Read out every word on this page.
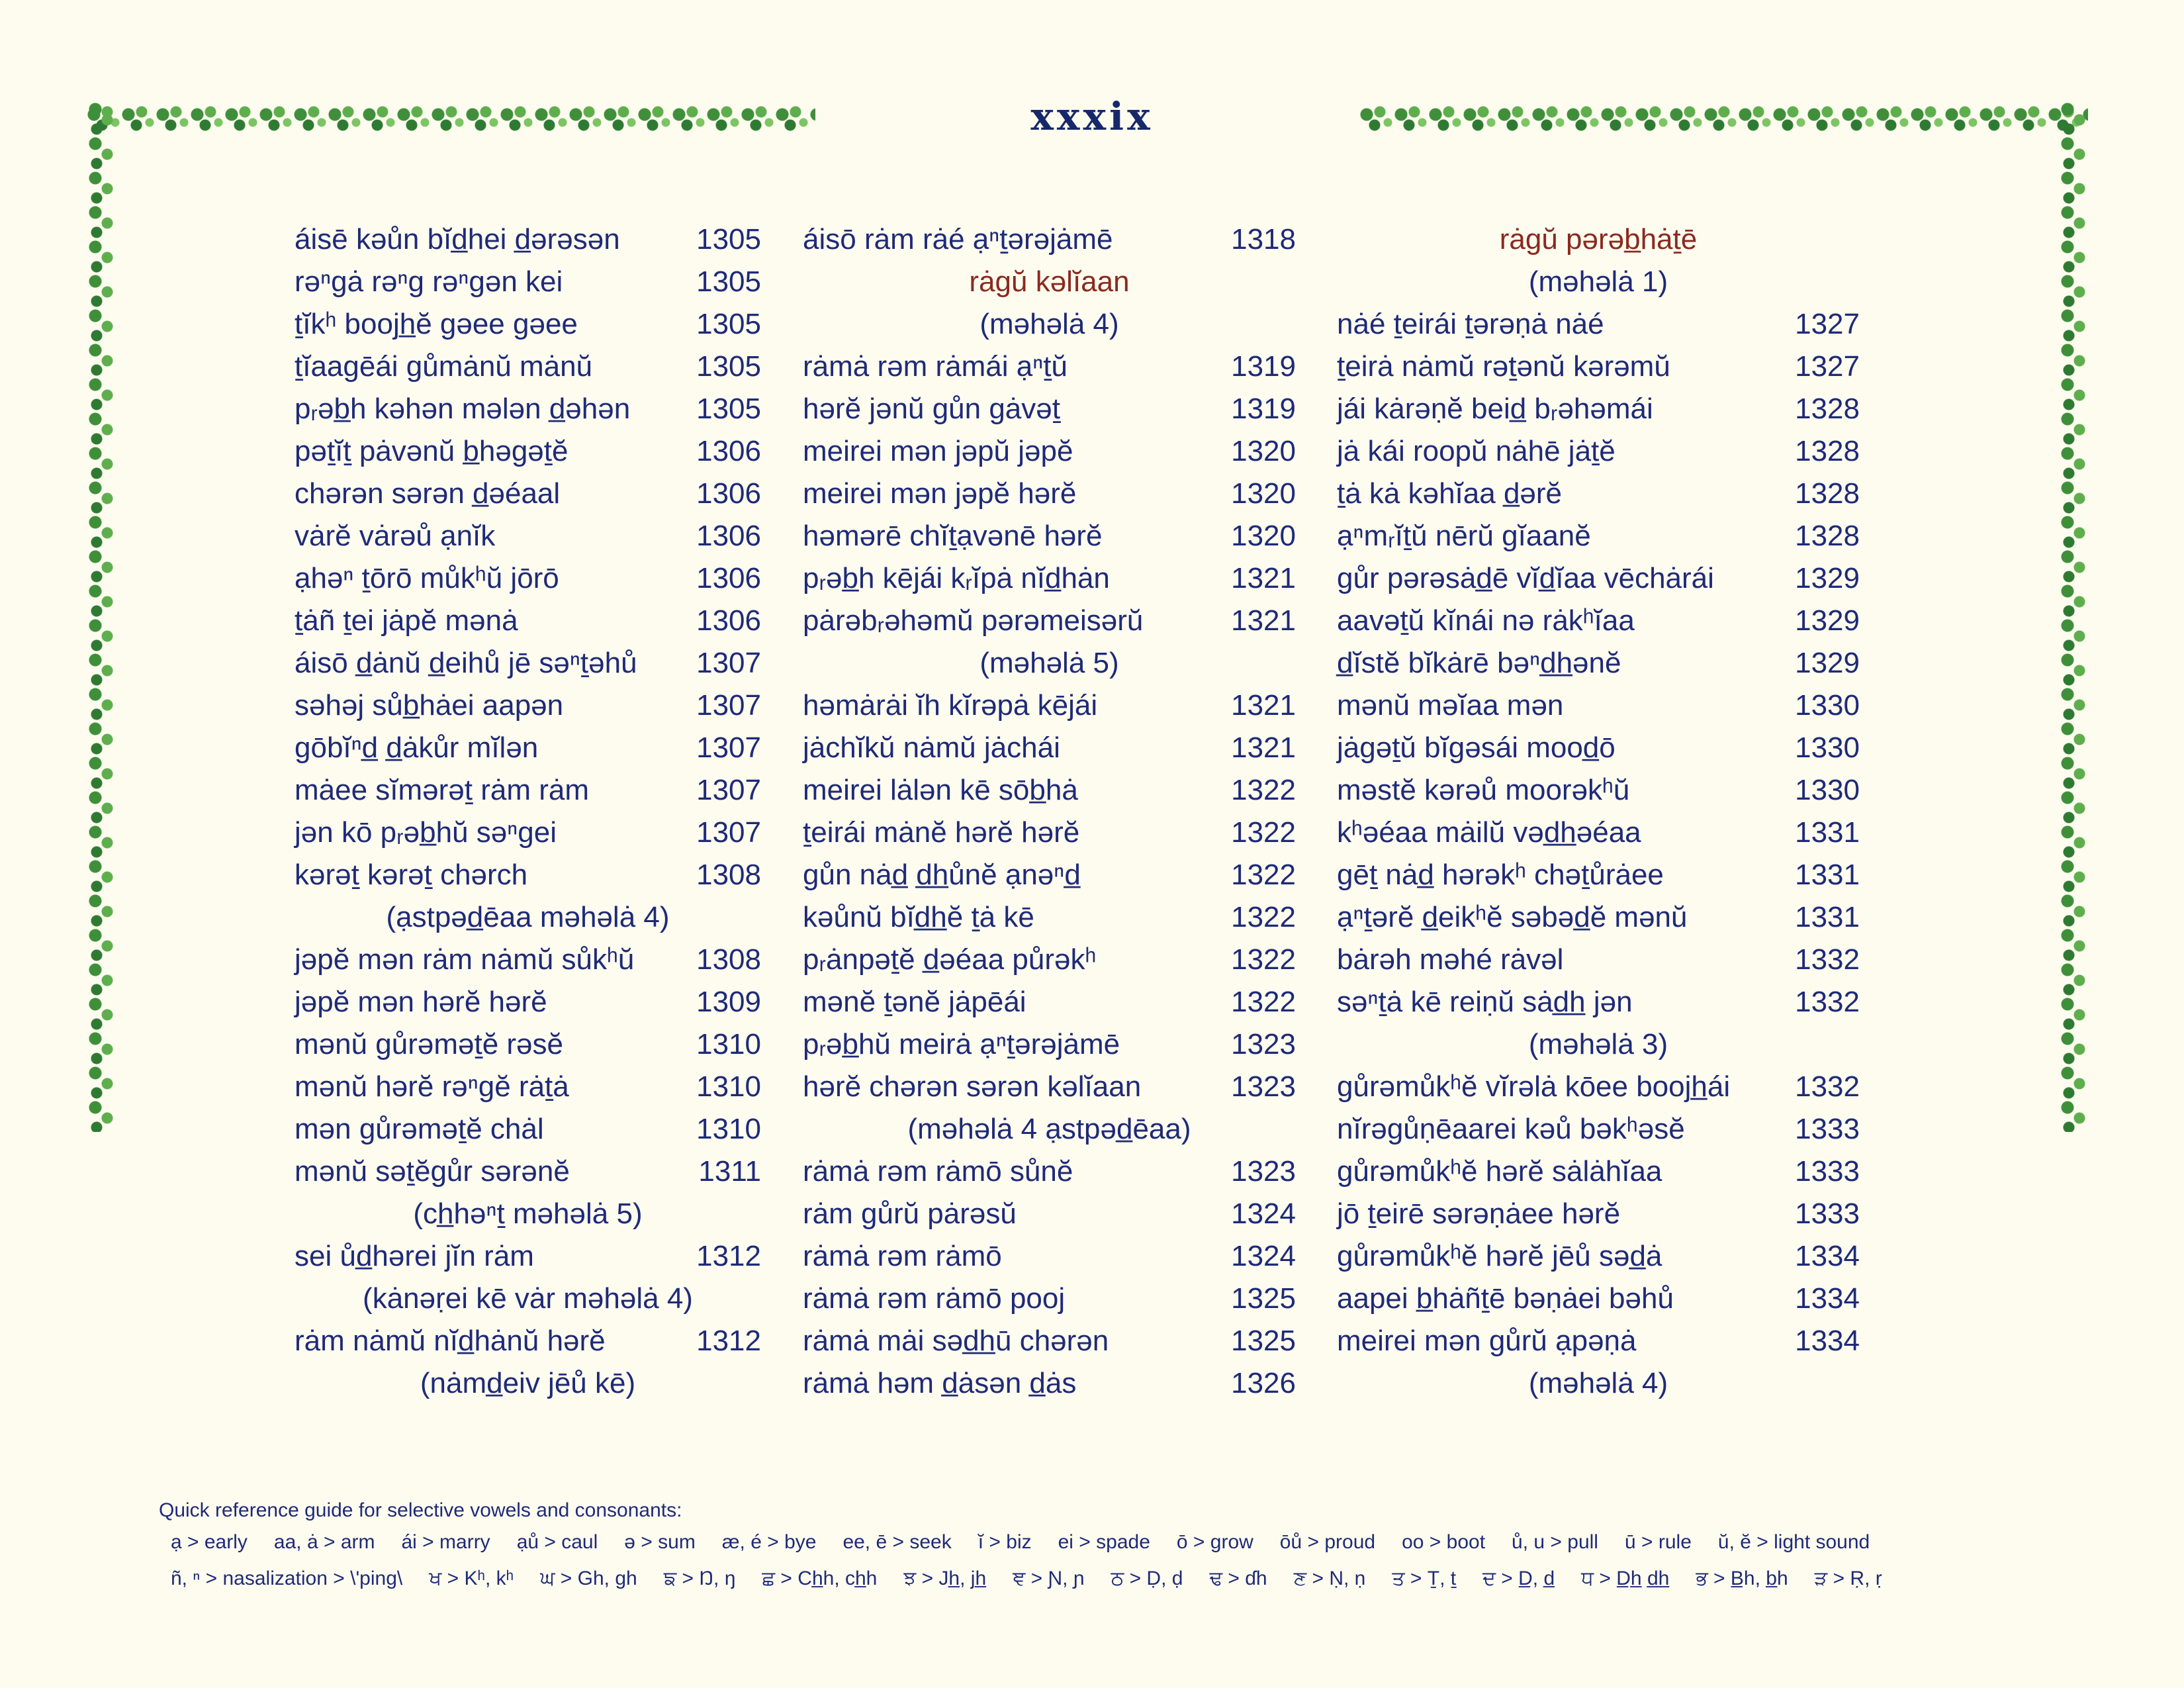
xxxix
áisē kəůn bĭd̲hei d̲ərəsən	1305
rəⁿgȧ rəⁿg rəⁿgən kei	1305
ṯĭkʰ boojh̲ĕ gəee gəee	1305
ṯĭaagēái gůmȧnŭ mȧnŭ	1305
pᵣəb̲h kəhən mələn d̲əhən	1305
pəṯĭṯ pȧvənŭ b̲həgəṯĕ	1306
chərən sərən d̲əéaal	1306
vȧrĕ vȧrəů ạnĭk	1306
ạhəⁿ ṯōrō můkʰŭ jōrō	1306
ṯȧñ ṯei jȧpĕ mənȧ	1306
áisō d̲ȧnŭ d̲eihů jē səⁿṯəhů	1307
səhəj sůb̲hȧei aapən	1307
gōbĭⁿd̲ d̲ȧkůr mĭlən	1307
mȧee sĭmərəṯ rȧm rȧm	1307
jən kō pᵣəb̲hŭ səⁿgei	1307
kərəṯ kərəṯ chərch	1308
(ạstpəd̲ēaa məhəlȧ 4)
jəpĕ mən rȧm nȧmŭ sůkʰŭ	1308
jəpĕ mən hərĕ hərĕ	1309
mənŭ gůrəməṯĕ rəsĕ	1310
mənŭ hərĕ rəⁿgĕ rȧṯȧ	1310
mən gůrəməṯĕ chȧl	1310
mənŭ səṯĕgůr sərənĕ	1311
(ch̲həⁿṯ məhəlȧ 5)
sei ůd̲hərei jĭn rȧm	1312
(kȧnəṛei kē vȧr məhəlȧ 4)
rȧm nȧmŭ nĭd̲hȧnŭ hərĕ	1312
(nȧmd̲eiv jēů kē)
áisō rȧm rȧé ạⁿṯərəjȧmē	1318
rȧgŭ kəlĭaan
(məhəlȧ 4)
rȧmȧ rəm rȧmái ạⁿṯŭ	1319
hərĕ jənŭ gůn gȧvəṯ	1319
meirei mən jəpŭ jəpĕ	1320
meirei mən jəpĕ hərĕ	1320
həmərē chĭṯạvənē hərĕ	1320
pᵣəb̲h kējái kᵣĭpȧ nĭd̲hȧn	1321
pȧrəbᵣəhəmŭ pərəmeisərŭ	1321
(məhəlȧ 5)
həmȧrȧi ĭh kĭrəpȧ kējái	1321
jȧchĭkŭ nȧmŭ jȧchái	1321
meirei lȧlən kē sōb̲hȧ	1322
ṯeirái mȧnĕ hərĕ hərĕ	1322
gůn nȧd̲ d̲h̲ůnĕ ạnəⁿd̲	1322
kəůnŭ bĭd̲h̲ĕ ṯȧ kē	1322
pᵣȧnpəṯĕ d̲əéaa půrəkʰ	1322
mənĕ ṯənĕ jȧpēái	1322
pᵣəb̲hŭ meirȧ ạⁿṯərəjȧmē	1323
hərĕ chərən sərən kəlĭaan	1323
(məhəlȧ 4 ạstpəd̲ēaa)
rȧmȧ rəm rȧmō sůnĕ	1323
rȧm gůrŭ pȧrəsŭ	1324
rȧmȧ rəm rȧmō	1324
rȧmȧ rəm rȧmō pooj	1325
rȧmȧ mȧi səd̲h̲ū chərən	1325
rȧmȧ həm d̲ȧsən d̲ȧs	1326
rȧgŭ pərəb̲hȧṯē
(məhəlȧ 1)
nȧé ṯeirái ṯərəṇȧ nȧé	1327
ṯeirȧ nȧmŭ rəṯənŭ kərəmŭ	1327
jái kȧrəṇĕ beid̲ bᵣəhəmái	1328
jȧ kái roopŭ nȧhē jȧṯĕ	1328
ṯȧ kȧ kəhĭaa d̲ərĕ	1328
ạⁿmᵣĭṯŭ nērŭ gĭaanĕ	1328
gůr pərəsȧd̲ē vĭd̲ĭaa vēchȧrái	1329
aavəṯŭ kĭnái nə rȧkʰĭaa	1329
d̲ĭstĕ bĭkȧrē bəⁿd̲h̲ənĕ	1329
mənŭ məĭaa mən	1330
jȧgəṯŭ bĭgəsái mood̲ō	1330
məstĕ kərəů moorəkʰŭ	1330
kʰəéaa mȧilŭ vəd̲h̲əéaa	1331
gēṯ nȧd̲ hərəkʰ chəṯůrȧee	1331
ạⁿṯərĕ d̲eikʰĕ səbəd̲ĕ mənŭ	1331
bȧrəh məhé rȧvəl	1332
səⁿṯȧ kē reiṇŭ sȧd̲h̲ jən	1332
(məhəlȧ 3)
gůrəmůkʰĕ vĭrəlȧ kōee boojh̲ái	1332
nĭrəgůṇēaarei kəů bəkʰəsĕ	1333
gůrəmůkʰĕ hərĕ sȧlȧhĭaa	1333
jō ṯeirē sərəṇȧee hərĕ	1333
gůrəmůkʰĕ hərĕ jēů səd̲ȧ	1334
aapei b̲hȧñṯē bəṇȧei bəhů	1334
meirei mən gůrŭ ạpəṇȧ	1334
(məhəlȧ 4)
Quick reference guide for selective vowels and consonants:
ạ > early aa, ȧ > arm ái > marry ạů > caul ə > sum æ, é > bye ee, ē > seek ĭ > biz ei > spade ō > grow ōů > proud oo > boot ů, u > pull ū > rule ŭ, ĕ > light sound
ñ, ⁿ > nasalization > \'ping\ ਖ > Kʰ, kʰ ਘ > Gh, gh ਙ > Ŋ, ŋ ਛ > Ch̲h, ch̲h ਝ > Jh̲, jh̲ ਞ > Ɲ, ɲ ਠ > Ḍ, ḍ ਢ > ɗh ਣ > Ṇ, ṇ ਤ > Ṯ, ṯ ਦ > D̲, d̲ ਧ > D̲h̲ d̲h̲ ਭ > B̲h, b̲h ੜ > Ṛ, ṛ
